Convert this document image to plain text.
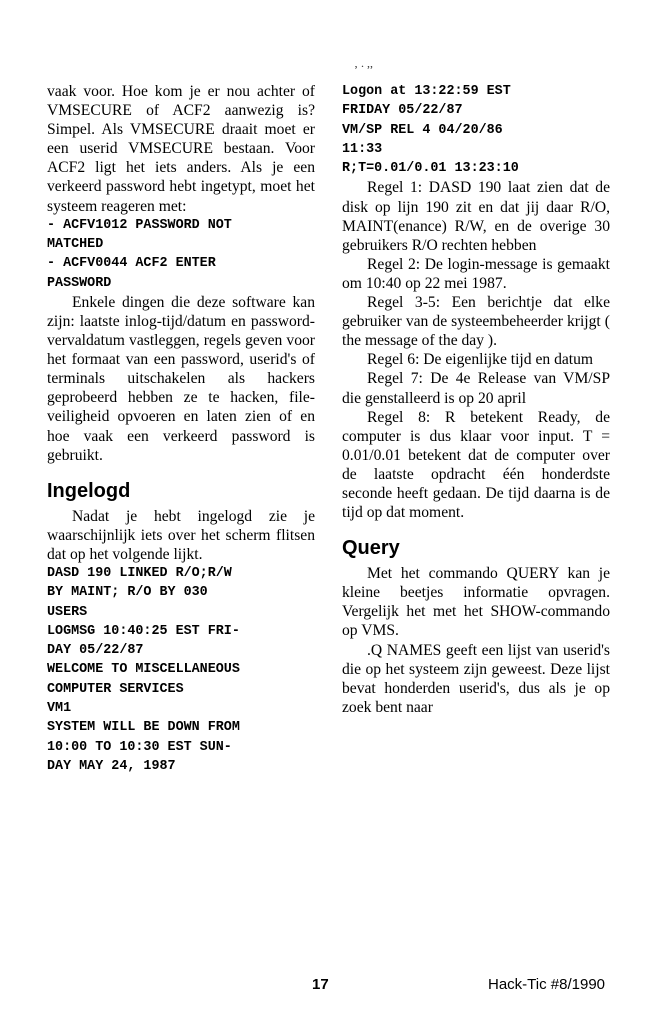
‚ . ,,

vaak voor. Hoe kom je er nou achter of VMSECURE of ACF2 aanwezig is? Simpel. Als VMSECURE draait moet er een userid VMSECURE bestaan. Voor ACF2 ligt het iets anders. Als je een verkeerd password hebt ingetypt, moet het systeem reageren met:

- ACFV1012 PASSWORD NOT
MATCHED
- ACFV0044 ACF2 ENTER
PASSWORD

Enkele dingen die deze software kan zijn: laatste inlog-tijd/datum en password-vervaldatum vastleggen, regels geven voor het formaat van een password, userid's of terminals uitschakelen als hackers geprobeerd hebben ze te hacken, file-veiligheid opvoeren en laten zien of en hoe vaak een verkeerd password is gebruikt.

Ingelogd

Nadat je hebt ingelogd zie je waarschijnlijk iets over het scherm flitsen dat op het volgende lijkt.

DASD 190 LINKED R/O;R/W
BY MAINT; R/O BY 030
USERS
LOGMSG 10:40:25 EST FRI-
DAY 05/22/87
WELCOME TO MISCELLANEOUS
COMPUTER SERVICES
VM1
SYSTEM WILL BE DOWN FROM
10:00 TO 10:30 EST SUN-
DAY MAY 24, 1987
Logon at 13:22:59 EST
FRIDAY 05/22/87
VM/SP REL 4 04/20/86
11:33
R;T=0.01/0.01 13:23:10

Regel 1: DASD 190 laat zien dat de disk op lijn 190 zit en dat jij daar R/O, MAINT(enance) R/W, en de overige 30 gebruikers R/O rechten hebben

Regel 2: De login-message is gemaakt om 10:40 op 22 mei 1987.

Regel 3-5: Een berichtje dat elke gebruiker van de systeembeheerder krijgt ( the message of the day ).

Regel 6: De eigenlijke tijd en datum

Regel 7: De 4e Release van VM/SP die genstalleerd is op 20 april

Regel 8: R betekent Ready, de computer is dus klaar voor input. T = 0.01/0.01 betekent dat de computer over de laatste opdracht één honderdste seconde heeft gedaan. De tijd daarna is de tijd op dat moment.

Query

Met het commando QUERY kan je kleine beetjes informatie opvragen. Vergelijk het met het SHOW-commando op VMS.

.Q NAMES geeft een lijst van userid's die op het systeem zijn geweest. Deze lijst bevat honderden userid's, dus als je op zoek bent naar

17	Hack-Tic #8/1990
